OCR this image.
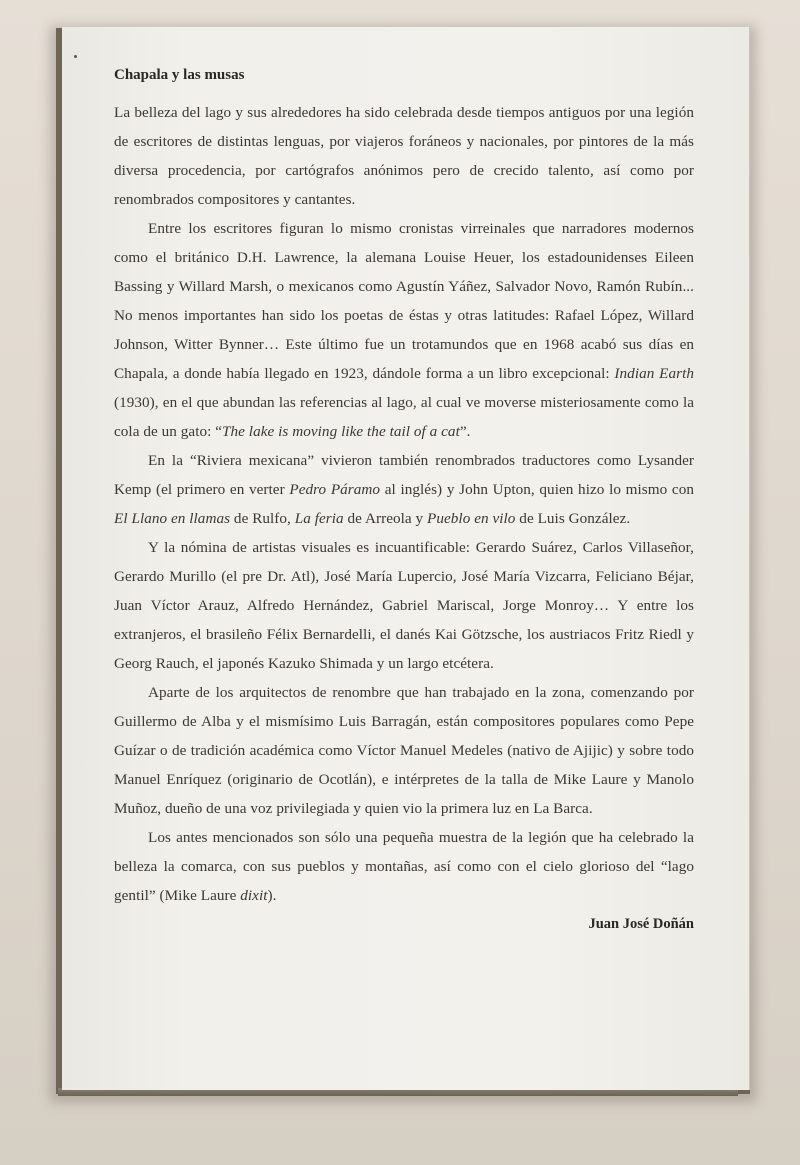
Chapala y las musas

La belleza del lago y sus alrededores ha sido celebrada desde tiempos antiguos por una legión de escritores de distintas lenguas, por viajeros foráneos y nacionales, por pintores de la más diversa procedencia, por cartógrafos anónimos pero de crecido talento, así como por renombrados compositores y cantantes.

Entre los escritores figuran lo mismo cronistas virreinales que narradores modernos como el británico D.H. Lawrence, la alemana Louise Heuer, los estadounidenses Eileen Bassing y Willard Marsh, o mexicanos como Agustín Yáñez, Salvador Novo, Ramón Rubín... No menos importantes han sido los poetas de éstas y otras latitudes: Rafael López, Willard Johnson, Witter Bynner… Este último fue un trotamundos que en 1968 acabó sus días en Chapala, a donde había llegado en 1923, dándole forma a un libro excepcional: Indian Earth (1930), en el que abundan las referencias al lago, al cual ve moverse misteriosamente como la cola de un gato: “The lake is moving like the tail of a cat”.

En la “Riviera mexicana” vivieron también renombrados traductores como Lysander Kemp (el primero en verter Pedro Páramo al inglés) y John Upton, quien hizo lo mismo con El Llano en llamas de Rulfo, La feria de Arreola y Pueblo en vilo de Luis González.

Y la nómina de artistas visuales es incuantificable: Gerardo Suárez, Carlos Villaseñor, Gerardo Murillo (el pre Dr. Atl), José María Lupercio, José María Vizcarra, Feliciano Béjar, Juan Víctor Arauz, Alfredo Hernández, Gabriel Mariscal, Jorge Monroy… Y entre los extranjeros, el brasileño Félix Bernardelli, el danés Kai Götzsche, los austriacos Fritz Riedl y Georg Rauch, el japonés Kazuko Shimada y un largo etcétera.

Aparte de los arquitectos de renombre que han trabajado en la zona, comenzando por Guillermo de Alba y el mismísimo Luis Barragán, están compositores populares como Pepe Guízar o de tradición académica como Víctor Manuel Medeles (nativo de Ajijic) y sobre todo Manuel Enríquez (originario de Ocotlán), e intérpretes de la talla de Mike Laure y Manolo Muñoz, dueño de una voz privilegiada y quien vio la primera luz en La Barca.

Los antes mencionados son sólo una pequeña muestra de la legión que ha celebrado la belleza la comarca, con sus pueblos y montañas, así como con el cielo glorioso del “lago gentil” (Mike Laure dixit).

Juan José Doñán
